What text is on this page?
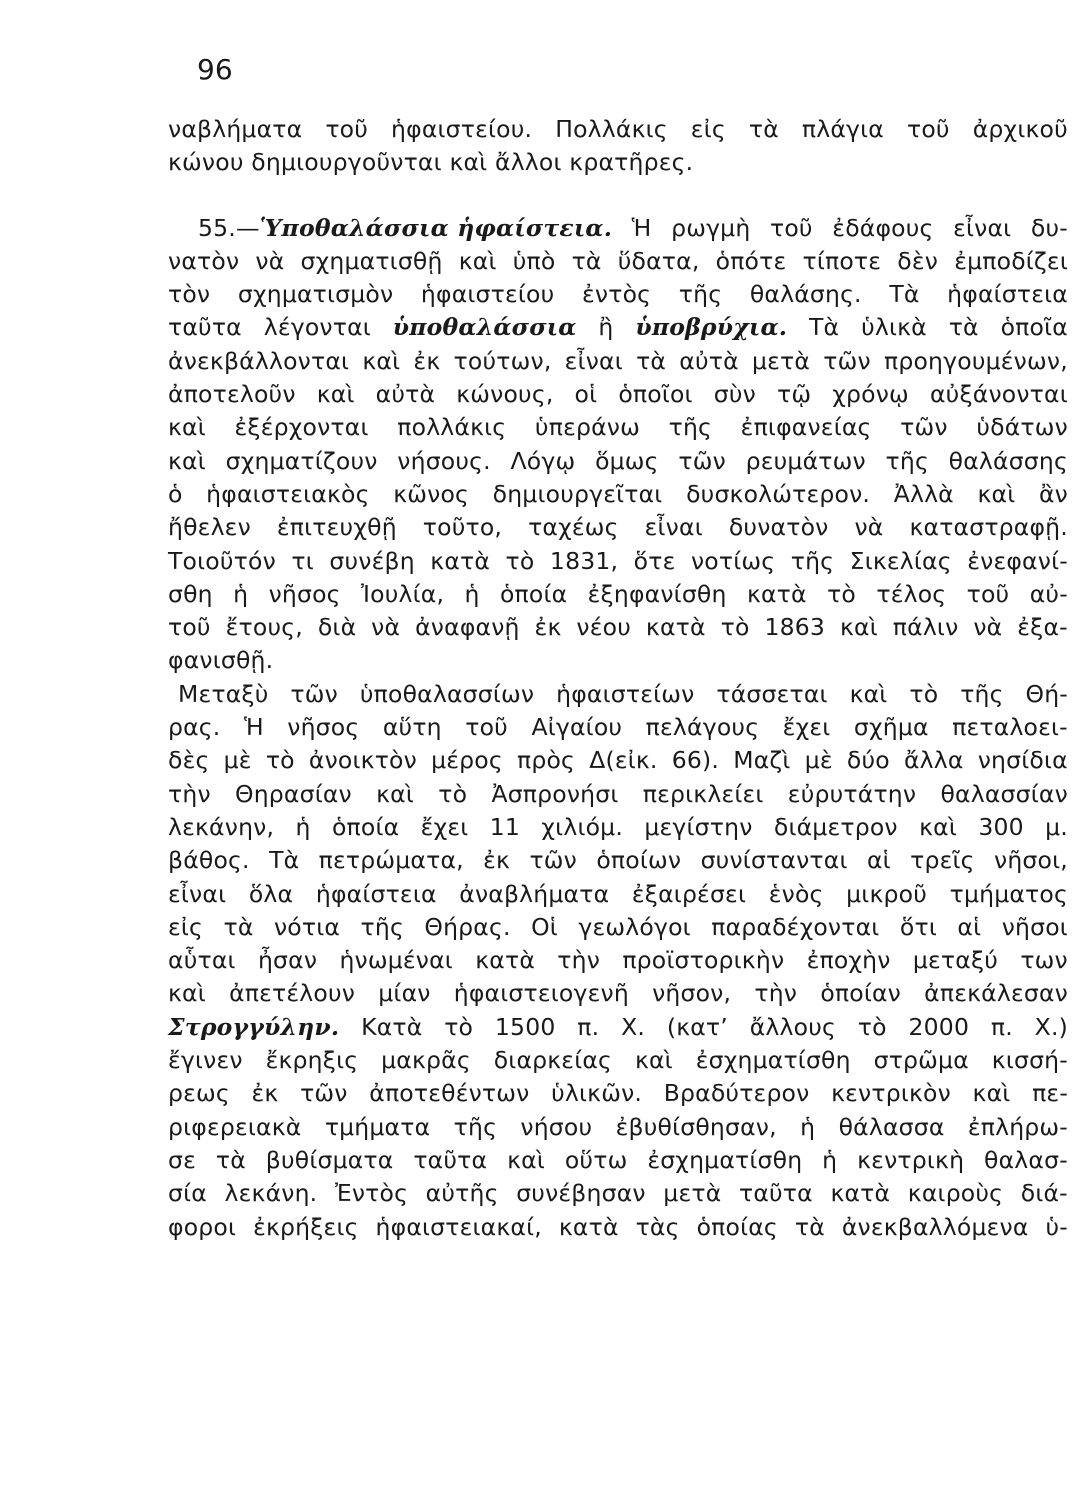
96
ναβλήματα τοῦ ἡφαιστείου. Πολλάκις εἰς τὰ πλάγια τοῦ ἀρχικοῦ
κώνου δημιουργοῦνται καὶ ἄλλοι κρατῆρες.
55.—Ὑποθαλάσσια ἡφαίστεια. Ἡ ρωγμὴ τοῦ ἐδάφους εἶναι δυ-
νατὸν νὰ σχηματισθῇ καὶ ὑπὸ τὰ ὕδατα, ὁπότε τίποτε δὲν ἐμποδίζει
τὸν σχηματισμὸν ἡφαιστείου ἐντὸς τῆς θαλάσης. Τὰ ἡφαίστεια
ταῦτα λέγονται ὑποθαλάσσια ἢ ὑποβρύχια. Τὰ ὑλικὰ τὰ ὁποῖα
ἀνεκβάλλονται καὶ ἐκ τούτων, εἶναι τὰ αὐτὰ μετὰ τῶν προηγουμένων,
ἀποτελοῦν καὶ αὐτὰ κώνους, οἱ ὁποῖοι σὺν τῷ χρόνῳ αὐξάνονται
καὶ ἐξέρχονται πολλάκις ὑπεράνω τῆς ἐπιφανείας τῶν ὑδάτων
καὶ σχηματίζουν νήσους. Λόγῳ ὅμως τῶν ρευμάτων τῆς θαλάσσης
ὁ ἡφαιστειακὸς κῶνος δημιουργεῖται δυσκολώτερον. Ἀλλὰ καὶ ἂν
ἤθελεν ἐπιτευχθῇ τοῦτο, ταχέως εἶναι δυνατὸν νὰ καταστραφῇ.
Τοιοῦτόν τι συνέβη κατὰ τὸ 1831, ὅτε νοτίως τῆς Σικελίας ἐνεφανί-
σθη ἡ νῆσος Ἰουλία, ἡ ὁποία ἐξηφανίσθη κατὰ τὸ τέλος τοῦ αὐ-
τοῦ ἔτους, διὰ νὰ ἀναφανῇ ἐκ νέου κατὰ τὸ 1863 καὶ πάλιν νὰ ἐξα-
φανισθῇ.
Μεταξὺ τῶν ὑποθαλασσίων ἡφαιστείων τάσσεται καὶ τὸ τῆς Θή-
ρας. Ἡ νῆσος αὕτη τοῦ Αἰγαίου πελάγους ἔχει σχῆμα πεταλοει-
δὲς μὲ τὸ ἀνοικτὸν μέρος πρὸς Δ(εἰκ. 66). Μαζὶ μὲ δύο ἄλλα νησίδια
τὴν Θηρασίαν καὶ τὸ Ἀσπρονήσι περικλείει εὐρυτάτην θαλασσίαν
λεκάνην, ἡ ὁποία ἔχει 11 χιλιόμ. μεγίστην διάμετρον καὶ 300 μ.
βάθος. Τὰ πετρώματα, ἐκ τῶν ὁποίων συνίστανται αἱ τρεῖς νῆσοι,
εἶναι ὅλα ἡφαίστεια ἀναβλήματα ἐξαιρέσει ἑνὸς μικροῦ τμήματος
εἰς τὰ νότια τῆς Θήρας. Οἱ γεωλόγοι παραδέχονται ὅτι αἱ νῆσοι
αὗται ἦσαν ἡνωμέναι κατὰ τὴν προϊστορικὴν ἐποχὴν μεταξύ των
καὶ ἀπετέλουν μίαν ἡφαιστειογενῆ νῆσον, τὴν ὁποίαν ἀπεκάλεσαν
Στρογγύλην. Κατὰ τὸ 1500 π. Χ. (κατ’ ἄλλους τὸ 2000 π. Χ.)
ἔγινεν ἔκρηξις μακρᾶς διαρκείας καὶ ἐσχηματίσθη στρῶμα κισσή-
ρεως ἐκ τῶν ἀποτεθέντων ὑλικῶν. Βραδύτερον κεντρικὸν καὶ πε-
ριφερειακὰ τμήματα τῆς νήσου ἐβυθίσθησαν, ἡ θάλασσα ἐπλήρω-
σε τὰ βυθίσματα ταῦτα καὶ οὕτω ἐσχηματίσθη ἡ κεντρικὴ θαλασ-
σία λεκάνη. Ἐντὸς αὐτῆς συνέβησαν μετὰ ταῦτα κατὰ καιροὺς διά-
φοροι ἐκρήξεις ἡφαιστειακαί, κατὰ τὰς ὁποίας τὰ ἀνεκβαλλόμενα ὑ-
